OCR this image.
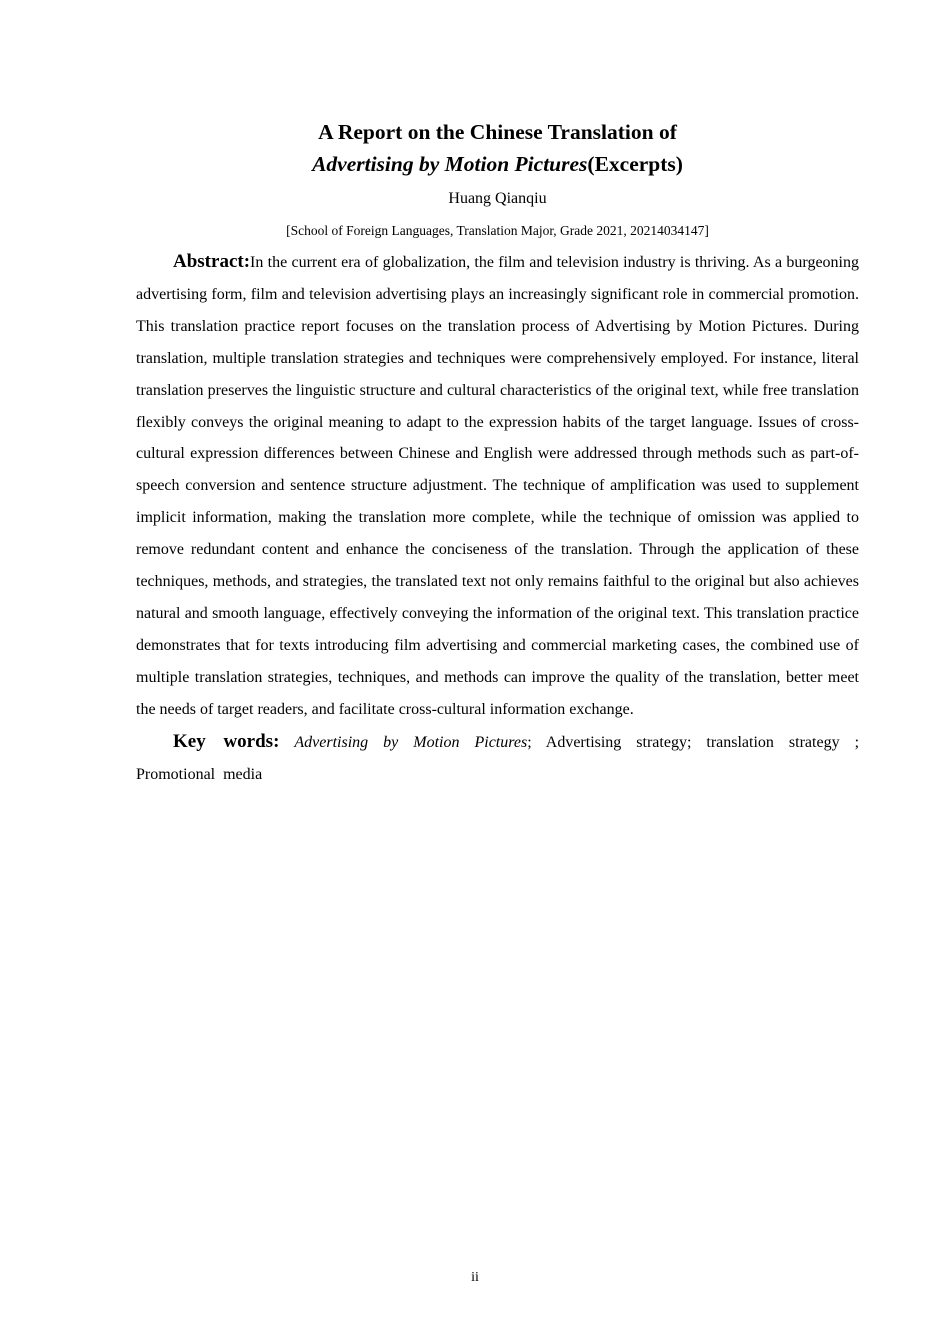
A Report on the Chinese Translation of
Advertising by Motion Pictures(Excerpts)
Huang Qianqiu
[School of Foreign Languages, Translation Major, Grade 2021, 20214034147]

Abstract:In the current era of globalization, the film and television industry is thriving. As a burgeoning advertising form, film and television advertising plays an increasingly significant role in commercial promotion. This translation practice report focuses on the translation process of Advertising by Motion Pictures. During translation, multiple translation strategies and techniques were comprehensively employed. For instance, literal translation preserves the linguistic structure and cultural characteristics of the original text, while free translation flexibly conveys the original meaning to adapt to the expression habits of the target language. Issues of cross-cultural expression differences between Chinese and English were addressed through methods such as part-of-speech conversion and sentence structure adjustment. The technique of amplification was used to supplement implicit information, making the translation more complete, while the technique of omission was applied to remove redundant content and enhance the conciseness of the translation. Through the application of these techniques, methods, and strategies, the translated text not only remains faithful to the original but also achieves natural and smooth language, effectively conveying the information of the original text. This translation practice demonstrates that for texts introducing film advertising and commercial marketing cases, the combined use of multiple translation strategies, techniques, and methods can improve the quality of the translation, better meet the needs of target readers, and facilitate cross-cultural information exchange.

Key words: Advertising by Motion Pictures; Advertising strategy; translation strategy ; Promotional media

ii
